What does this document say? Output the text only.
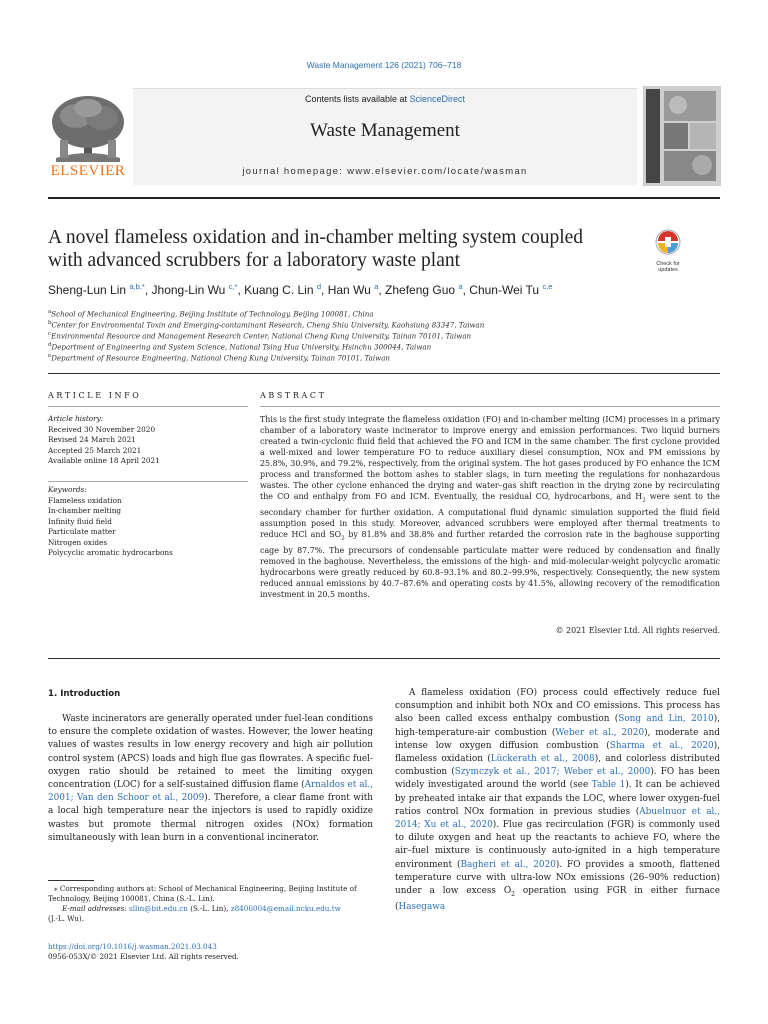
Waste Management 126 (2021) 706–718
ELSEVIER
Contents lists available at ScienceDirect
Waste Management
journal homepage: www.elsevier.com/locate/wasman
A novel flameless oxidation and in-chamber melting system coupled
with advanced scrubbers for a laboratory waste plant	Check for updates
Sheng-Lun Lin $^{a,b,*}$, Jhong-Lin Wu $^{c,*}$, Kuang C. Lin $^d$, Han Wu $^a$, Zhefeng Guo $^a$, Chun-Wei Tu $^{c,e}$
$^a$School of Mechanical Engineering, Beijing Institute of Technology, Beijing 100081, China
$^b$Center for Environmental Toxin and Emerging-contaminant Research, Cheng Shiu University, Kaohsiung 83347, Taiwan
$^c$Environmental Resource and Management Research Center, National Cheng Kung University, Tainan 70101, Taiwan
$^d$Department of Engineering and System Science, National Tsing Hua University, Hsinchu 300044, Taiwan
$^e$Department of Resource Engineering, National Cheng Kung University, Tainan 70101, Taiwan
ARTICLE INFO
Article history:
Received 30 November 2020
Revised 24 March 2021
Accepted 25 March 2021
Available online 18 April 2021
Keywords:
Flameless oxidation
In-chamber melting
Infinity fluid field
Particulate matter
Nitrogen oxides
Polycyclic aromatic hydrocarbons
ABSTRACT
This is the first study integrate the flameless oxidation (FO) and in-chamber melting (ICM) processes in a primary chamber of a laboratory waste incinerator to improve energy and emission performances. Two liquid burners created a twin-cyclonic fluid field that achieved the FO and ICM in the same chamber. The first cyclone provided a well-mixed and lower temperature FO to reduce auxiliary diesel consumption, NOx and PM emissions by 25.8%, 30.9%, and 79.2%, respectively, from the original system. The hot gases produced by FO enhance the ICM process and transformed the bottom ashes to stabler slags, in turn meeting the regulations for nonhazardous wastes. The other cyclone enhanced the drying and water–gas shift reaction in the drying zone by recirculating the CO and enthalpy from FO and ICM. Eventually, the residual CO, hydrocarbons, and $H_2$ were sent to the secondary chamber for further oxidation. A computational fluid dynamic simulation supported the fluid field assumption posed in this study. Moreover, advanced scrubbers were employed after thermal treatments to reduce HCl and $SO_2$ by 81.8% and 38.8% and further retarded the corrosion rate in the baghouse supporting cage by 87.7%. The precursors of condensable particulate matter were reduced by condensation and finally removed in the baghouse. Nevertheless, the emissions of the high- and mid-molecular-weight polycyclic aromatic hydrocarbons were greatly reduced by 60.8–93.1% and 80.2–99.9%, respectively. Consequently, the new system reduced annual emissions by 40.7–87.6% and operating costs by 41.5%, allowing recovery of the remodification investment in 20.5 months.
© 2021 Elsevier Ltd. All rights reserved.
1. Introduction

Waste incinerators are generally operated under fuel-lean conditions to ensure the complete oxidation of wastes. However, the lower heating values of wastes results in low energy recovery and high air pollution control system (APCS) loads and high flue gas flowrates. A specific fuel-oxygen ratio should be retained to meet the limiting oxygen concentration (LOC) for a self-sustained diffusion flame (Arnaldos et al., 2001; Van den Schoor et al., 2009). Therefore, a clear flame front with a local high temperature near the injectors is used to rapidly oxidize wastes but promote thermal nitrogen oxides (NOx) formation simultaneously with lean burn in a conventional incinerator.

⁎ Corresponding authors at: School of Mechanical Engineering, Beijing Institute of Technology, Beijing 100081, China (S.-L. Lin).
E-mail addresses: sllin@bit.edu.cn (S.-L. Lin), z8406004@email.ncku.edu.tw
(J.-L. Wu).
https://doi.org/10.1016/j.wasman.2021.03.043
0956-053X/© 2021 Elsevier Ltd. All rights reserved.

A flameless oxidation (FO) process could effectively reduce fuel consumption and inhibit both NOx and CO emissions. This process has also been called excess enthalpy combustion (Song and Lin, 2010), high-temperature-air combustion (Weber et al., 2020), moderate and intense low oxygen diffusion combustion (Sharma et al., 2020), flameless oxidation (Lückerath et al., 2008), and colorless distributed combustion (Szymczyk et al., 2017; Weber et al., 2000). FO has been widely investigated around the world (see Table 1). It can be achieved by preheated intake air that expands the LOC, where lower oxygen-fuel ratios control NOx formation in previous studies (Abuelnuor et al., 2014; Xu et al., 2020). Flue gas recirculation (FGR) is commonly used to dilute oxygen and heat up the reactants to achieve FO, where the air–fuel mixture is continuously auto-ignited in a high temperature environment (Bagheri et al., 2020). FO provides a smooth, flattened temperature curve with ultra-low NOx emissions (26–90% reduction) under a low excess $O_2$ operation using FGR in either furnace (Hasegawa
